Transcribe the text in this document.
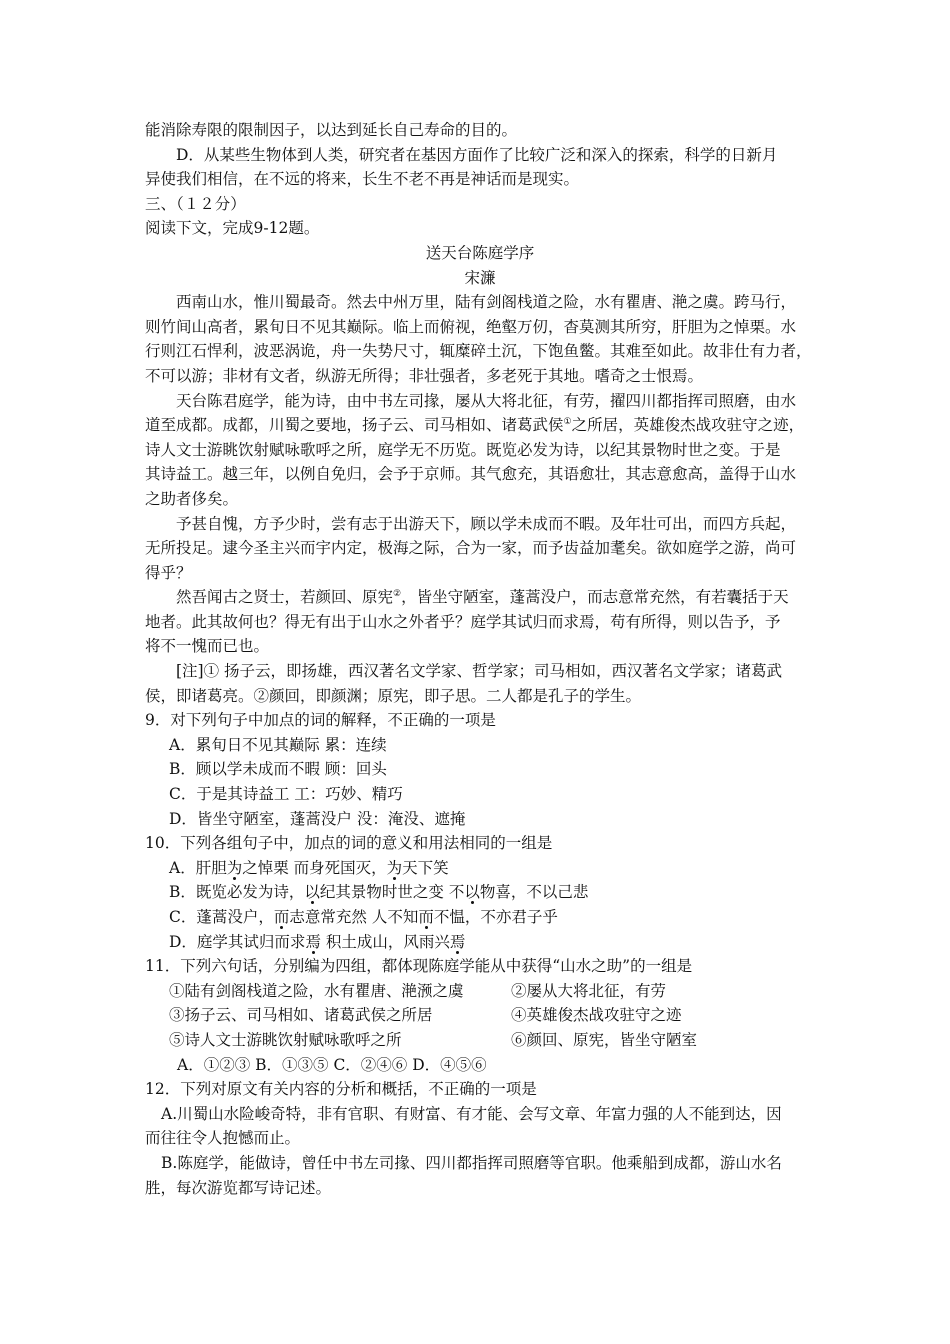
能消除寿限的限制因子，以达到延长自己寿命的目的。
D．从某些生物体到人类，研究者在基因方面作了比较广泛和深入的探索，科学的日新月
异使我们相信，在不远的将来，长生不老不再是神话而是现实。
三、（１２分）
阅读下文，完成9-12题。
送天台陈庭学序
宋濂
西南山水，惟川蜀最奇。然去中州万里，陆有剑阁栈道之险，水有瞿唐、滟之虞。跨马行，
则竹间山高者，累旬日不见其巅际。临上而俯视，绝壑万仞，杳莫测其所穷，肝胆为之悼栗。水
行则江石悍利，波恶涡诡，舟一失势尺寸，辄糜碎土沉，下饱鱼鳖。其难至如此。故非仕有力者，
不可以游；非材有文者，纵游无所得；非壮强者，多老死于其地。嗜奇之士恨焉。
天台陈君庭学，能为诗，由中书左司掾，屡从大将北征，有劳，擢四川都指挥司照磨，由水
道至成都。成都，川蜀之要地，扬子云、司马相如、诸葛武侯①之所居，英雄俊杰战攻驻守之迹，
诗人文士游眺饮射赋咏歌呼之所，庭学无不历览。既览必发为诗，以纪其景物时世之变。于是
其诗益工。越三年，以例自免归，会予于京师。其气愈充，其语愈壮，其志意愈高，盖得于山水
之助者侈矣。
予甚自愧，方予少时，尝有志于出游天下，顾以学未成而不暇。及年壮可出，而四方兵起，
无所投足。逮今圣主兴而宇内定，极海之际，合为一家，而予齿益加耄矣。欲如庭学之游，尚可
得乎？
然吾闻古之贤士，若颜回、原宪②，皆坐守陋室，蓬蒿没户，而志意常充然，有若囊括于天
地者。此其故何也？得无有出于山水之外者乎？庭学其试归而求焉，苟有所得，则以告予，予
将不一愧而已也。
[注]① 扬子云，即扬雄，西汉著名文学家、哲学家；司马相如，西汉著名文学家；诸葛武
侯，即诸葛亮。②颜回，即颜渊；原宪，即子思。二人都是孔子的学生。
9．对下列句子中加点的词的解释，不正确的一项是
A．累旬日不见其巅际 累：连续
B．顾以学未成而不暇 顾：回头
C．于是其诗益工 工：巧妙、精巧
D．皆坐守陋室，蓬蒿没户 没：淹没、遮掩
10．下列各组句子中，加点的词的意义和用法相同的一组是
A．肝胆为之悼栗 而身死国灭，为天下笑
B．既览必发为诗，以纪其景物时世之变 不以物喜，不以己悲
C．蓬蒿没户，而志意常充然 人不知而不愠，不亦君子乎
D．庭学其试归而求焉 积土成山，风雨兴焉
11．下列六句话，分别编为四组，都体现陈庭学能从中获得“山水之助”的一组是
①陆有剑阁栈道之险，水有瞿唐、滟滪之虞	②屡从大将北征，有劳
③扬子云、司马相如、诸葛武侯之所居	④英雄俊杰战攻驻守之迹
⑤诗人文士游眺饮射赋咏歌呼之所	⑥颜回、原宪，皆坐守陋室
A．①②③ B．①③⑤ C．②④⑥ D．④⑤⑥
12．下列对原文有关内容的分析和概括，不正确的一项是
A.川蜀山水险峻奇特，非有官职、有财富、有才能、会写文章、年富力强的人不能到达，因
而往往令人抱憾而止。
B.陈庭学，能做诗，曾任中书左司掾、四川都指挥司照磨等官职。他乘船到成都，游山水名
胜，每次游览都写诗记述。
